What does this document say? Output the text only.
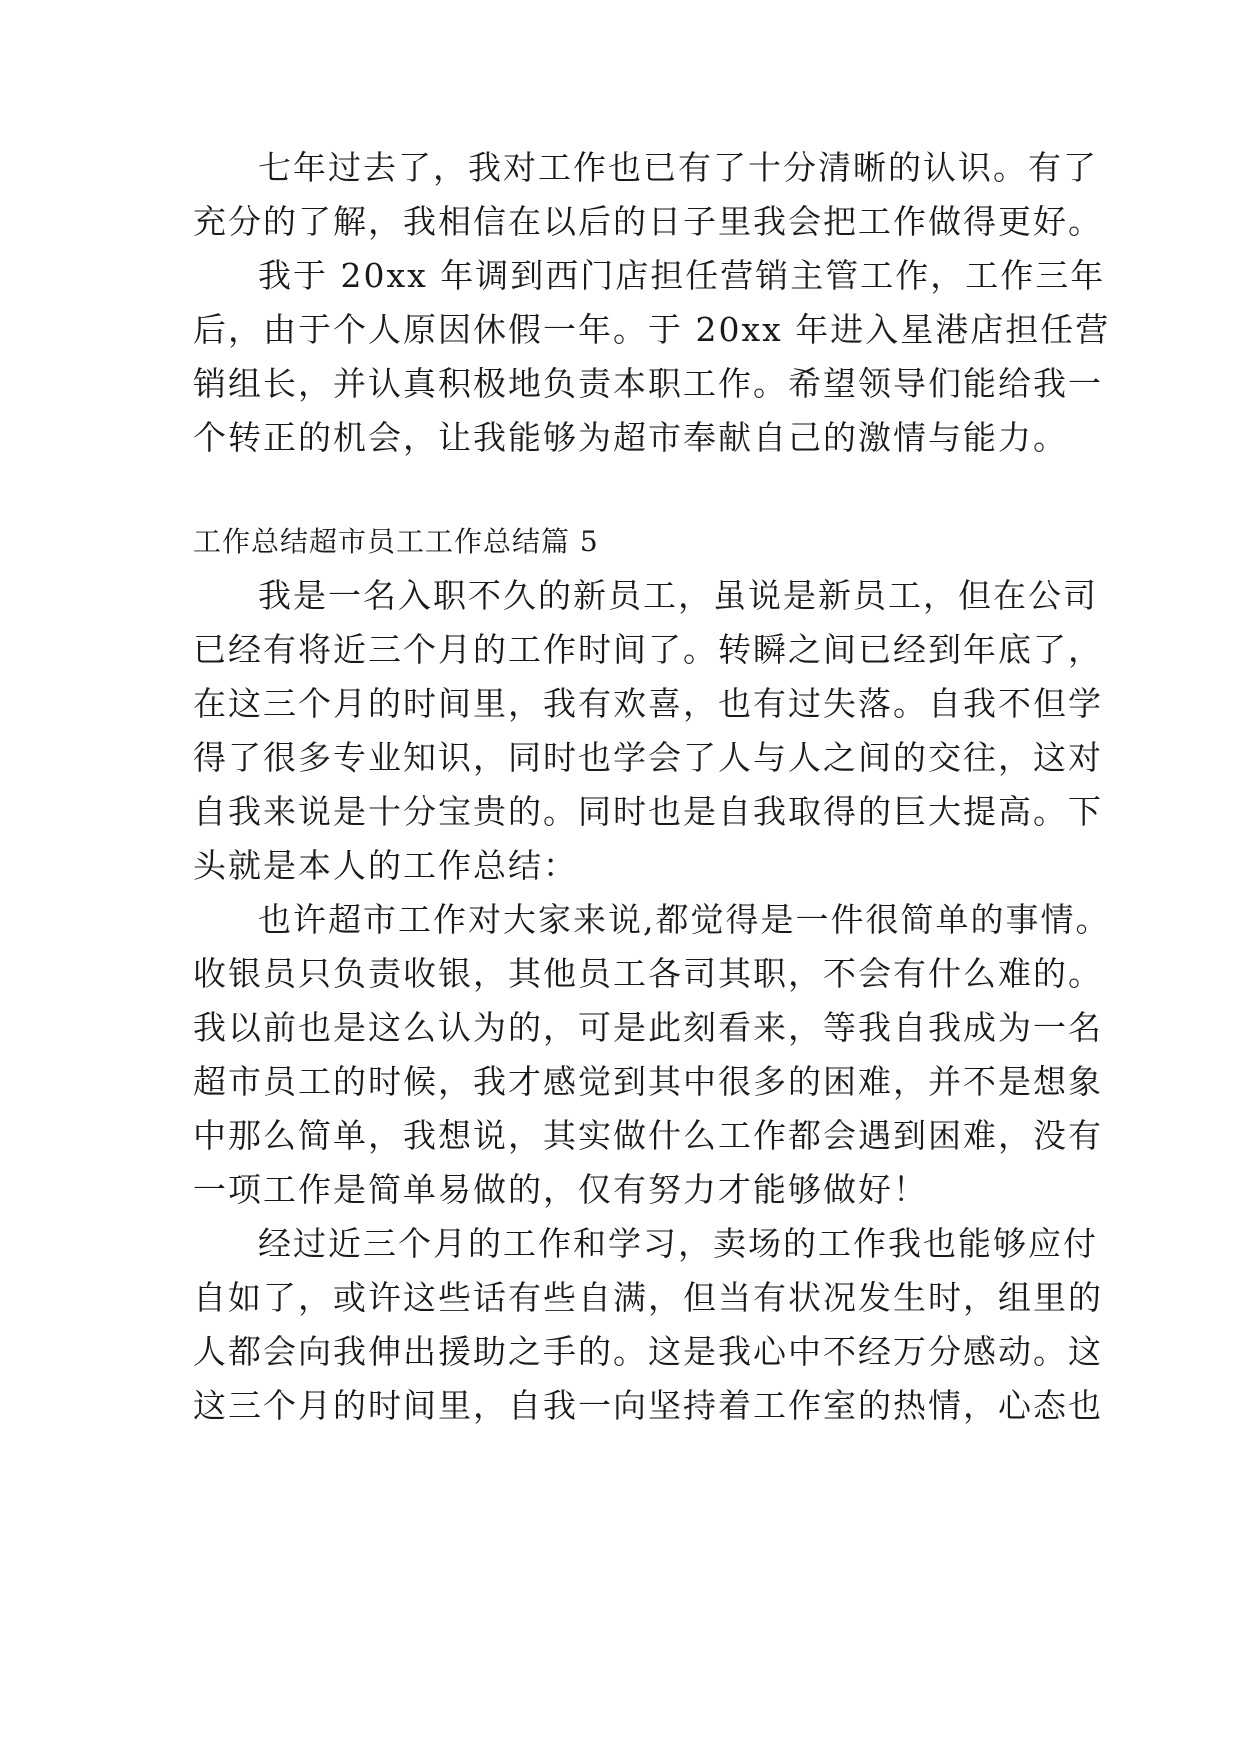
七年过去了，我对工作也已有了十分清晰的认识。有了
充分的了解，我相信在以后的日子里我会把工作做得更好。
我于 20xx 年调到西门店担任营销主管工作，工作三年
后，由于个人原因休假一年。于 20xx 年进入星港店担任营
销组长，并认真积极地负责本职工作。希望领导们能给我一
个转正的机会，让我能够为超市奉献自己的激情与能力。
工作总结超市员工工作总结篇 5
我是一名入职不久的新员工，虽说是新员工，但在公司
已经有将近三个月的工作时间了。转瞬之间已经到年底了，
在这三个月的时间里，我有欢喜，也有过失落。自我不但学
得了很多专业知识，同时也学会了人与人之间的交往，这对
自我来说是十分宝贵的。同时也是自我取得的巨大提高。下
头就是本人的工作总结：
也许超市工作对大家来说,都觉得是一件很简单的事情。
收银员只负责收银，其他员工各司其职，不会有什么难的。
我以前也是这么认为的，可是此刻看来，等我自我成为一名
超市员工的时候，我才感觉到其中很多的困难，并不是想象
中那么简单，我想说，其实做什么工作都会遇到困难，没有
一项工作是简单易做的，仅有努力才能够做好！
经过近三个月的工作和学习，卖场的工作我也能够应付
自如了，或许这些话有些自满，但当有状况发生时，组里的
人都会向我伸出援助之手的。这是我心中不经万分感动。这
这三个月的时间里，自我一向坚持着工作室的热情，心态也
